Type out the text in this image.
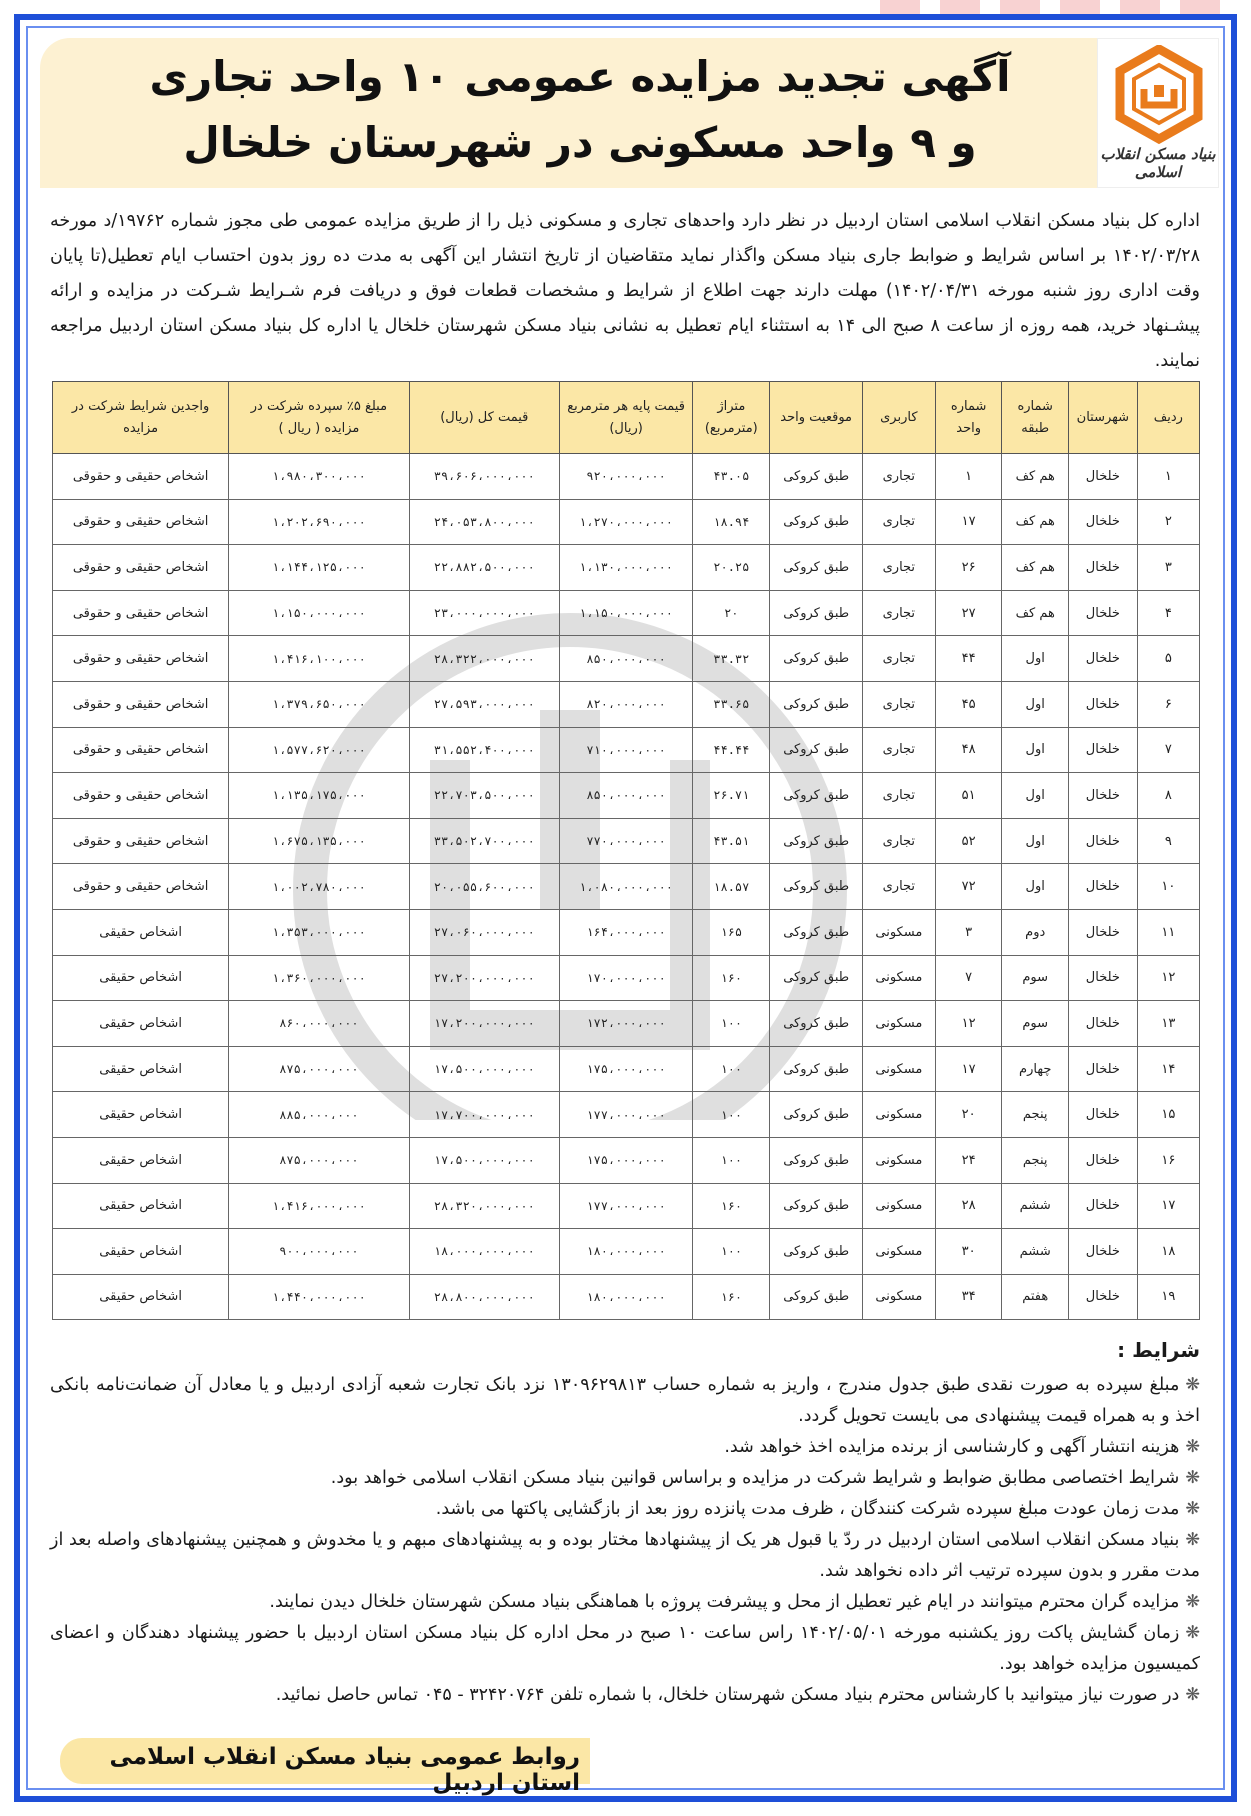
بنیاد مسکن انقلاب اسلامی
آگهی تجدید مزایده عمومی ۱۰ واحد تجاری
و ۹ واحد مسکونی در شهرستان خلخال

اداره کل بنیاد مسکن انقلاب اسلامی استان اردبیل در نظر دارد واحدهای تجاری و مسکونی ذیل را از طریق مزایده عمومی طی مجوز شماره ۱۹۷۶۲/د مورخه ۱۴۰۲/۰۳/۲۸ بر اساس شرایط و ضوابط جاری بنیاد مسکن واگذار نماید متقاضیان از تاریخ انتشار این آگهی به مدت ده روز بدون احتساب ایام تعطیل(تا پایان وقت اداری روز شنبه مورخه ۱۴۰۲/۰۴/۳۱) مهلت دارند جهت اطلاع از شرایط و مشخصات قطعات فوق و دریافت فرم شـرایط شـرکت در مزایده و ارائه پیشـنهاد خرید، همه روزه از ساعت ۸ صبح الی ۱۴ به استثناء ایام تعطیل به نشانی بنیاد مسکن شهرستان خلخال یا اداره کل بنیاد مسکن استان اردبیل مراجعه نمایند.

ردیف	شهرستان	شماره طبقه	شماره واحد	کاربری	موقعیت واحد	متراژ (مترمربع)	قیمت پایه هر مترمربع (ریال)	قیمت کل (ریال)	مبلغ ۵٪ سپرده شرکت در مزایده ( ریال )	واجدین شرایط شرکت در مزایده
۱	خلخال	هم کف	۱	تجاری	طبق کروکی	۴۳.۰۵	۹۲۰،۰۰۰،۰۰۰	۳۹،۶۰۶،۰۰۰،۰۰۰	۱،۹۸۰،۳۰۰،۰۰۰	اشخاص حقیقی و حقوقی
۲	خلخال	هم کف	۱۷	تجاری	طبق کروکی	۱۸.۹۴	۱،۲۷۰،۰۰۰،۰۰۰	۲۴،۰۵۳،۸۰۰،۰۰۰	۱،۲۰۲،۶۹۰،۰۰۰	اشخاص حقیقی و حقوقی
۳	خلخال	هم کف	۲۶	تجاری	طبق کروکی	۲۰.۲۵	۱،۱۳۰،۰۰۰،۰۰۰	۲۲،۸۸۲،۵۰۰،۰۰۰	۱،۱۴۴،۱۲۵،۰۰۰	اشخاص حقیقی و حقوقی
۴	خلخال	هم کف	۲۷	تجاری	طبق کروکی	۲۰	۱،۱۵۰،۰۰۰،۰۰۰	۲۳،۰۰۰،۰۰۰،۰۰۰	۱،۱۵۰،۰۰۰،۰۰۰	اشخاص حقیقی و حقوقی
۵	خلخال	اول	۴۴	تجاری	طبق کروکی	۳۳.۳۲	۸۵۰،۰۰۰،۰۰۰	۲۸،۳۲۲،۰۰۰،۰۰۰	۱،۴۱۶،۱۰۰،۰۰۰	اشخاص حقیقی و حقوقی
۶	خلخال	اول	۴۵	تجاری	طبق کروکی	۳۳.۶۵	۸۲۰،۰۰۰،۰۰۰	۲۷،۵۹۳،۰۰۰،۰۰۰	۱،۳۷۹،۶۵۰،۰۰۰	اشخاص حقیقی و حقوقی
۷	خلخال	اول	۴۸	تجاری	طبق کروکی	۴۴.۴۴	۷۱۰،۰۰۰،۰۰۰	۳۱،۵۵۲،۴۰۰،۰۰۰	۱،۵۷۷،۶۲۰،۰۰۰	اشخاص حقیقی و حقوقی
۸	خلخال	اول	۵۱	تجاری	طبق کروکی	۲۶.۷۱	۸۵۰،۰۰۰،۰۰۰	۲۲،۷۰۳،۵۰۰،۰۰۰	۱،۱۳۵،۱۷۵،۰۰۰	اشخاص حقیقی و حقوقی
۹	خلخال	اول	۵۲	تجاری	طبق کروکی	۴۳.۵۱	۷۷۰،۰۰۰،۰۰۰	۳۳،۵۰۲،۷۰۰،۰۰۰	۱،۶۷۵،۱۳۵،۰۰۰	اشخاص حقیقی و حقوقی
۱۰	خلخال	اول	۷۲	تجاری	طبق کروکی	۱۸.۵۷	۱،۰۸۰،۰۰۰،۰۰۰	۲۰،۰۵۵،۶۰۰،۰۰۰	۱،۰۰۲،۷۸۰،۰۰۰	اشخاص حقیقی و حقوقی
۱۱	خلخال	دوم	۳	مسکونی	طبق کروکی	۱۶۵	۱۶۴،۰۰۰،۰۰۰	۲۷،۰۶۰،۰۰۰،۰۰۰	۱،۳۵۳،۰۰۰،۰۰۰	اشخاص حقیقی
۱۲	خلخال	سوم	۷	مسکونی	طبق کروکی	۱۶۰	۱۷۰،۰۰۰،۰۰۰	۲۷،۲۰۰،۰۰۰،۰۰۰	۱،۳۶۰،۰۰۰،۰۰۰	اشخاص حقیقی
۱۳	خلخال	سوم	۱۲	مسکونی	طبق کروکی	۱۰۰	۱۷۲،۰۰۰،۰۰۰	۱۷،۲۰۰،۰۰۰،۰۰۰	۸۶۰،۰۰۰،۰۰۰	اشخاص حقیقی
۱۴	خلخال	چهارم	۱۷	مسکونی	طبق کروکی	۱۰۰	۱۷۵،۰۰۰،۰۰۰	۱۷،۵۰۰،۰۰۰،۰۰۰	۸۷۵،۰۰۰،۰۰۰	اشخاص حقیقی
۱۵	خلخال	پنجم	۲۰	مسکونی	طبق کروکی	۱۰۰	۱۷۷،۰۰۰،۰۰۰	۱۷،۷۰۰،۰۰۰،۰۰۰	۸۸۵،۰۰۰،۰۰۰	اشخاص حقیقی
۱۶	خلخال	پنجم	۲۴	مسکونی	طبق کروکی	۱۰۰	۱۷۵،۰۰۰،۰۰۰	۱۷،۵۰۰،۰۰۰،۰۰۰	۸۷۵،۰۰۰،۰۰۰	اشخاص حقیقی
۱۷	خلخال	ششم	۲۸	مسکونی	طبق کروکی	۱۶۰	۱۷۷،۰۰۰،۰۰۰	۲۸،۳۲۰،۰۰۰،۰۰۰	۱،۴۱۶،۰۰۰،۰۰۰	اشخاص حقیقی
۱۸	خلخال	ششم	۳۰	مسکونی	طبق کروکی	۱۰۰	۱۸۰،۰۰۰،۰۰۰	۱۸،۰۰۰،۰۰۰،۰۰۰	۹۰۰،۰۰۰،۰۰۰	اشخاص حقیقی
۱۹	خلخال	هفتم	۳۴	مسکونی	طبق کروکی	۱۶۰	۱۸۰،۰۰۰،۰۰۰	۲۸،۸۰۰،۰۰۰،۰۰۰	۱،۴۴۰،۰۰۰،۰۰۰	اشخاص حقیقی
شرایط :
❋مبلغ سپرده به صورت نقدی طبق جدول مندرج ، واریز به شماره حساب ۱۳۰۹۶۲۹۸۱۳ نزد بانک تجارت شعبه آزادی اردبیل و یا معادل آن ضمانت‌نامه بانکی اخذ و به همراه قیمت پیشنهادی می بایست تحویل گردد.
❋هزینه انتشار آگهی و کارشناسی از برنده مزایده اخذ خواهد شد.
❋شرایط اختصاصی مطابق ضوابط و شرایط شرکت در مزایده و براساس قوانین بنیاد مسکن انقلاب اسلامی خواهد بود.
❋مدت زمان عودت مبلغ سپرده شرکت کنندگان ، ظرف مدت پانزده روز بعد از بازگشایی پاکتها می باشد.
❋بنیاد مسکن انقلاب اسلامی استان اردبیل در ردّ یا قبول هر یک از پیشنهادها مختار بوده و به پیشنهادهای مبهم و یا مخدوش و همچنین پیشنهادهای واصله بعد از مدت مقرر و بدون سپرده ترتیب اثر داده نخواهد شد.
❋مزایده گران محترم میتوانند در ایام غیر تعطیل از محل و پیشرفت پروژه با هماهنگی بنیاد مسکن شهرستان خلخال دیدن نمایند.
❋زمان گشایش پاکت روز یکشنبه مورخه ۱۴۰۲/۰۵/۰۱ راس ساعت ۱۰ صبح در محل اداره کل بنیاد مسکن استان اردبیل با حضور پیشنهاد دهندگان و اعضای کمیسیون مزایده خواهد بود.
❋در صورت نیاز میتوانید با کارشناس محترم بنیاد مسکن شهرستان خلخال، با شماره تلفن ۳۲۴۲۰۷۶۴ - ۰۴۵ تماس حاصل نمائید.
روابط عمومی بنیاد مسکن انقلاب اسلامی استان اردبیل
